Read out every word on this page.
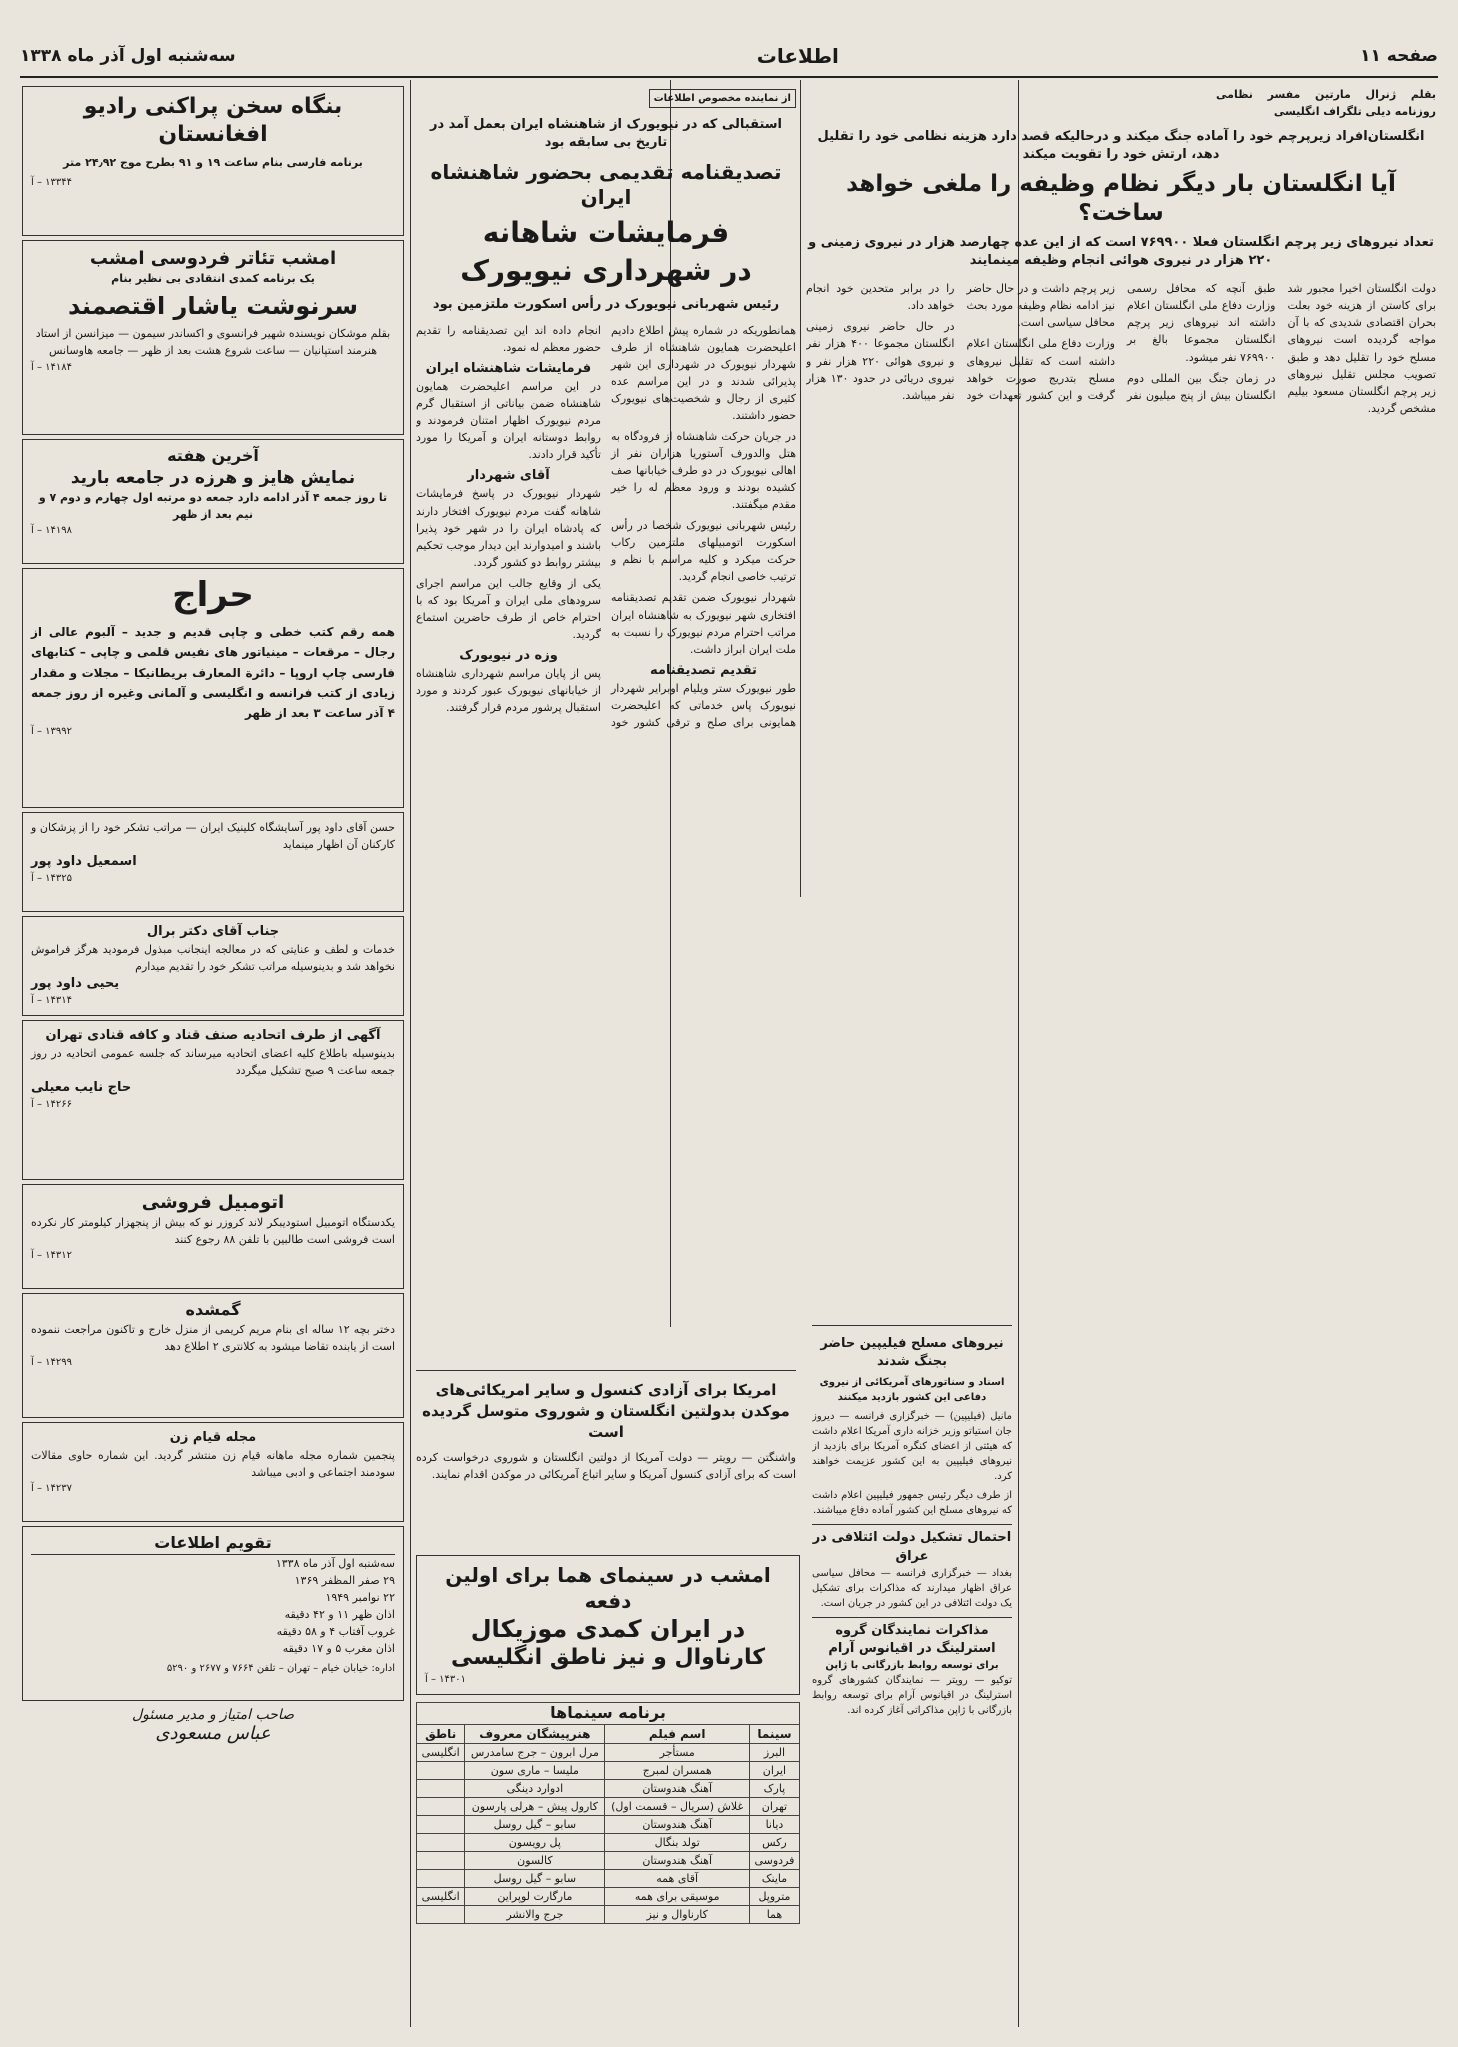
صفحه ۱۱
اطلاعات
سه‌شنبه اول آذر ماه ۱۳۳۸
بقلم ژنرال مارتین مفسر نظامی روزنامه دیلی تلگراف انگلیسی
انگلستان‌افراد زیرپرچم خود را آماده جنگ میکند و درحالیکه قصد دارد هزینه نظامی خود را تقلیل دهد، ارتش خود را تقویت میکند
آیا انگلستان بار دیگر نظام وظیفه را ملغی خواهد ساخت؟
تعداد نیروهای زیر پرچم انگلستان فعلا ۷۶۹۹۰۰ است که از این عده چهارصد هزار در نیروی زمینی و ۲۲۰ هزار در نیروی هوائی انجام وظیفه مینمایند

دولت انگلستان اخیرا مجبور شد برای کاستن از هزینه خود بعلت بحران اقتصادی شدیدی که با آن مواجه گردیده است نیروهای مسلح خود را تقلیل دهد و طبق تصویب مجلس تقلیل نیروهای زیر پرچم انگلستان مسعود بیلیم مشخص گردید.

طبق آنچه که محافل رسمی وزارت دفاع ملی انگلستان اعلام داشته اند نیروهای زیر پرچم انگلستان مجموعا بالغ بر ۷۶۹۹۰۰ نفر میشود.

در زمان جنگ بین المللی دوم انگلستان بیش از پنج میلیون نفر زیر پرچم داشت و در حال حاضر نیز ادامه نظام وظیفه مورد بحث محافل سیاسی است.

وزارت دفاع ملی انگلستان اعلام داشته است که تقلیل نیروهای مسلح بتدریج صورت خواهد گرفت و این کشور تعهدات خود را در برابر متحدین خود انجام خواهد داد.

در حال حاضر نیروی زمینی انگلستان مجموعا ۴۰۰ هزار نفر و نیروی هوائی ۲۲۰ هزار نفر و نیروی دریائی در حدود ۱۳۰ هزار نفر میباشد.

نیروهای مسلح فیلیپین حاضر بجنگ شدند
اسناد و سناتورهای آمریکائی از نیروی دفاعی این کشور بازدید میکنند

مانیل (فیلیپین) — خبرگزاری فرانسه — دیروز جان استیاتو وزیر خزانه داری آمریکا اعلام داشت که هیئتی از اعضای کنگره آمریکا برای بازدید از نیروهای فیلیپین به این کشور عزیمت خواهند کرد.

از طرف دیگر رئیس جمهور فیلیپین اعلام داشت که نیروهای مسلح این کشور آماده دفاع میباشند.

احتمال تشکیل دولت ائتلافی در عراق

بغداد — خبرگزاری فرانسه — محافل سیاسی عراق اظهار میدارند که مذاکرات برای تشکیل یک دولت ائتلافی در این کشور در جریان است.

مذاکرات نمایندگان گروه استرلینگ در اقیانوس آرام
برای توسعه روابط بازرگانی با ژاپن

توکیو — رویتر — نمایندگان کشورهای گروه استرلینگ در اقیانوس آرام برای توسعه روابط بازرگانی با ژاپن مذاکراتی آغاز کرده اند.

از نماینده مخصوص اطلاعات
استقبالی که در نیویورک از شاهنشاه ایران بعمل آمد در تاریخ بی سابقه بود
تصدیقنامه تقدیمی بحضور شاهنشاه ایران
فرمایشات شاهانه
در شهرداری نیویورک
رئیس شهربانی نیویورک در رأس اسکورت ملتزمین بود

همانطوریکه در شماره پیش اطلاع دادیم اعلیحضرت همایون شاهنشاه از طرف شهردار نیویورک در شهرداری این شهر پذیرائی شدند و در این مراسم عده کثیری از رجال و شخصیت‌های نیویورک حضور داشتند.

در جریان حرکت شاهنشاه از فرودگاه به هتل والدورف آستوریا هزاران نفر از اهالی نیویورک در دو طرف خیابانها صف کشیده بودند و ورود معظم له را خیر مقدم میگفتند.

رئیس شهربانی نیویورک شخصا در رأس اسکورت اتومبیلهای ملتزمین رکاب حرکت میکرد و کلیه مراسم با نظم و ترتیب خاصی انجام گردید.

شهردار نیویورک ضمن تقدیم تصدیقنامه افتخاری شهر نیویورک به شاهنشاه ایران مراتب احترام مردم نیویورک را نسبت به ملت ایران ابراز داشت.

تقدیم تصدیقنامه

طور نیویورک ستر ویلیام اوبرایر شهردار نیویورک پاس خدماتی که اعلیحضرت همایونی برای صلح و ترقی کشور خود انجام داده اند این تصدیقنامه را تقدیم حضور معظم له نمود.

فرمایشات شاهنشاه ایران

در این مراسم اعلیحضرت همایون شاهنشاه ضمن بیاناتی از استقبال گرم مردم نیویورک اظهار امتنان فرمودند و روابط دوستانه ایران و آمریکا را مورد تأکید قرار دادند.

آقای شهردار

شهردار نیویورک در پاسخ فرمایشات شاهانه گفت مردم نیویورک افتخار دارند که پادشاه ایران را در شهر خود پذیرا باشند و امیدوارند این دیدار موجب تحکیم بیشتر روابط دو کشور گردد.

یکی از وقایع جالب این مراسم اجرای سرودهای ملی ایران و آمریکا بود که با احترام خاص از طرف حاضرین استماع گردید.

وزه در نیویورک

پس از پایان مراسم شهرداری شاهنشاه از خیابانهای نیویورک عبور کردند و مورد استقبال پرشور مردم قرار گرفتند.

امریکا برای آزادی کنسول و سایر امریکائی‌های موکدن بدولتین انگلستان و شوروی متوسل گردیده است

واشنگتن — رویتر — دولت آمریکا از دولتین انگلستان و شوروی درخواست کرده است که برای آزادی کنسول آمریکا و سایر اتباع آمریکائی در موکدن اقدام نمایند.

امشب در سینمای هما برای اولین دفعه
در ایران کمدی موزیکال
کارناوال و نیز ناطق انگلیسی
۱۴۳۰۱ – آ
برنامه سینماها
سینما	اسم فیلم	هنرپیشگان معروف	ناطق
البرز	مستأجر	مرل ابرون – جرج سامدرس	انگلیسی
ایران	همسران لمبرج	ملیسا – ماری سون	
پارک	آهنگ هندوستان	ادوارد دینگی	
تهران	غلاش (سریال – قسمت اول)	کارول پیش – هرلی پارسون	
دیانا	آهنگ هندوستان	سابو – گیل روسل	
رکس	تولد بنگال	پل رویسون	
فردوسی	آهنگ هندوستان	کالسون	
ماینک	آقای همه	سابو – گیل روسل	
متروپل	موسیقی برای همه	مارگارت لوپراین	انگلیسی
هما	کارناوال و نیز	جرج والانشر	
بنگاه سخن پراکنی رادیو افغانستان
برنامه فارسی بنام ساعت ۱۹ و ۹۱ بطرح موج ۲۴٫۹۲ متر
۱۳۳۴۴ – آ
امشب تئاتر فردوسی امشب
یک برنامه کمدی انتقادی بی نظیر بنام
سرنوشت یاشار اقتصمند
بقلم موشکان نویسنده شهیر فرانسوی و اکساندر سیمون — میزانسن از استاد هنرمند استپانیان — ساعت شروع هشت بعد از ظهر — جامعه هاوسانس
۱۴۱۸۴ – آ
آخرین هفته
نمایش هایز و هرزه در جامعه بارید
تا روز جمعه ۴ آذر ادامه دارد جمعه دو مرتبه اول چهارم و دوم ۷ و نیم بعد از ظهر
۱۴۱۹۸ – آ
حراج
همه رقم کتب خطی و چاپی قدیم و جدید – آلبوم عالی از رجال – مرقعات – مینیاتور های نفیس قلمی و چاپی – کتابهای فارسی چاپ اروپا – دائرة المعارف بریطانیکا – مجلات و مقدار زیادی از کتب فرانسه و انگلیسی و آلمانی وغیره از روز جمعه ۴ آذر ساعت ۳ بعد از ظهر
۱۳۹۹۲ – آ
حسن آقای داود پور آسایشگاه کلینیک ایران — مراتب تشکر خود را از پزشکان و کارکنان آن اظهار مینماید
اسمعیل داود پور
۱۴۳۲۵ – آ
جناب آقای دکتر برال
خدمات و لطف و عنایتی که در معالجه اینجانب مبذول فرمودید هرگز فراموش نخواهد شد و بدینوسیله مراتب تشکر خود را تقدیم میدارم
یحیی داود پور
۱۴۳۱۴ – آ
آگهی از طرف اتحادیه صنف قناد و کافه قنادی تهران
بدینوسیله باطلاع کلیه اعضای اتحادیه میرساند که جلسه عمومی اتحادیه در روز جمعه ساعت ۹ صبح تشکیل میگردد
حاج نایب معیلی
۱۴۲۶۶ – آ
اتومبیل فروشی
یکدستگاه اتومبیل استودیبکر لاند کروزر نو که بیش از پنجهزار کیلومتر کار نکرده است فروشی است طالبین با تلفن ۸۸ رجوع کنند
۱۴۳۱۲ – آ
گمشده
دختر بچه ۱۲ ساله ای بنام مریم کریمی از منزل خارج و تاکنون مراجعت ننموده است از یابنده تقاضا میشود به کلانتری ۲ اطلاع دهد
۱۴۲۹۹ – آ
مجله قیام زن
پنجمین شماره مجله ماهانه قیام زن منتشر گردید. این شماره حاوی مقالات سودمند اجتماعی و ادبی میباشد
۱۴۲۳۷ – آ
تقویم اطلاعات
سه‌شنبه اول آذر ماه ۱۳۳۸
۲۹ صفر المظفر ۱۳۶۹
۲۲ نوامبر ۱۹۴۹
اذان ظهر ۱۱ و ۴۲ دقیقه
غروب آفتاب ۴ و ۵۸ دقیقه
اذان مغرب ۵ و ۱۷ دقیقه
اداره: خیابان خیام – تهران – تلفن ۷۶۶۴ و ۲۶۷۷ و ۵۲۹۰
صاحب امتیاز و مدیر مسئول
عباس مسعودی
